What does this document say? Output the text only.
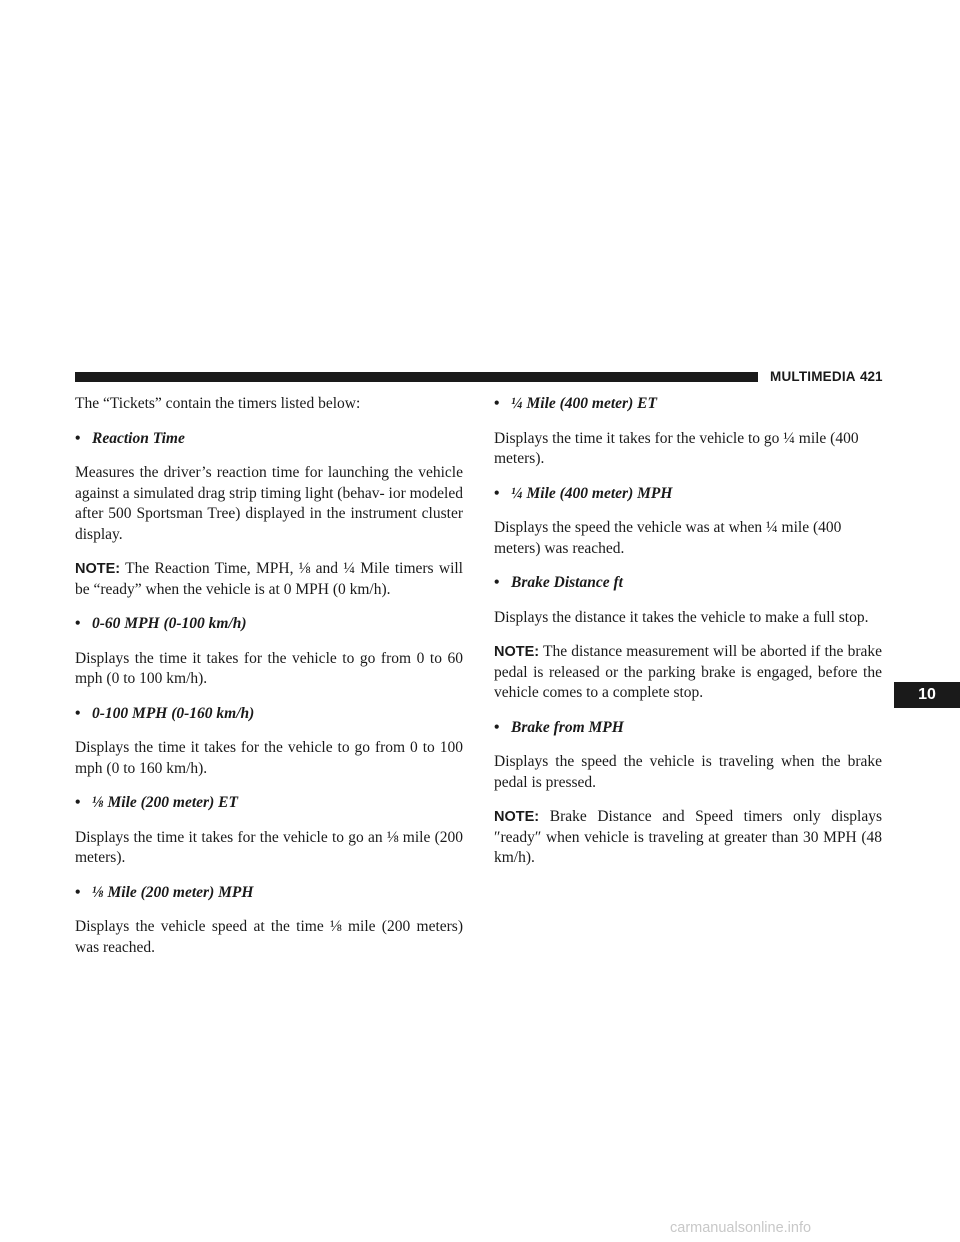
MULTIMEDIA 421

The “Tickets” contain the timers listed below:

• Reaction Time

Measures the driver’s reaction time for launching the vehicle against a simulated drag strip timing light (behav- ior modeled after 500 Sportsman Tree) displayed in the instrument cluster display.

NOTE: The Reaction Time, MPH, ⅛ and ¼ Mile timers will be “ready” when the vehicle is at 0 MPH (0 km/h).

• 0-60 MPH (0-100 km/h)

Displays the time it takes for the vehicle to go from 0 to 60 mph (0 to 100 km/h).

• 0-100 MPH (0-160 km/h)

Displays the time it takes for the vehicle to go from 0 to 100 mph (0 to 160 km/h).

• ⅛ Mile (200 meter) ET

Displays the time it takes for the vehicle to go an ⅛ mile (200 meters).

• ⅛ Mile (200 meter) MPH

Displays the vehicle speed at the time ⅛ mile (200 meters) was reached.

• ¼ Mile (400 meter) ET

Displays the time it takes for the vehicle to go ¼ mile (400 meters).

• ¼ Mile (400 meter) MPH

Displays the speed the vehicle was at when ¼ mile (400 meters) was reached.

• Brake Distance ft

Displays the distance it takes the vehicle to make a full stop.

NOTE: The distance measurement will be aborted if the brake pedal is released or the parking brake is engaged, before the vehicle comes to a complete stop.

• Brake from MPH

Displays the speed the vehicle is traveling when the brake pedal is pressed.

NOTE: Brake Distance and Speed timers only displays ″ready″ when vehicle is traveling at greater than 30 MPH (48 km/h).

10
carmanualsonline.info
